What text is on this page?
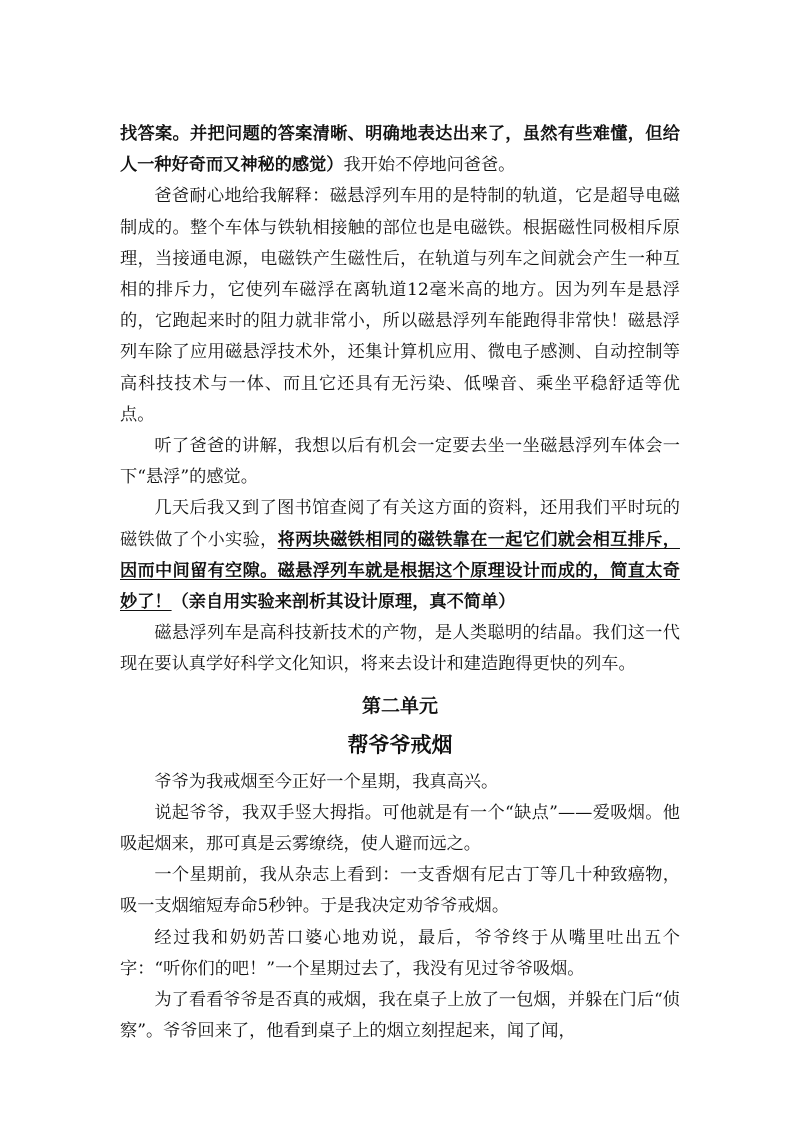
找答案。并把问题的答案清晰、明确地表达出来了，虽然有些难懂，但给人一种好奇而又神秘的感觉）我开始不停地问爸爸。

爸爸耐心地给我解释：磁悬浮列车用的是特制的轨道，它是超导电磁制成的。整个车体与铁轨相接触的部位也是电磁铁。根据磁性同极相斥原理，当接通电源，电磁铁产生磁性后，在轨道与列车之间就会产生一种互相的排斥力，它使列车磁浮在离轨道12毫米高的地方。因为列车是悬浮的，它跑起来时的阻力就非常小，所以磁悬浮列车能跑得非常快！磁悬浮列车除了应用磁悬浮技术外，还集计算机应用、微电子感测、自动控制等高科技技术与一体、而且它还具有无污染、低噪音、乘坐平稳舒适等优点。

听了爸爸的讲解，我想以后有机会一定要去坐一坐磁悬浮列车体会一下“悬浮”的感觉。

几天后我又到了图书馆查阅了有关这方面的资料，还用我们平时玩的磁铁做了个小实验，将两块磁铁相同的磁铁靠在一起它们就会相互排斥，因而中间留有空隙。磁悬浮列车就是根据这个原理设计而成的，简直太奇妙了！（亲自用实验来剖析其设计原理，真不简单）

磁悬浮列车是高科技新技术的产物，是人类聪明的结晶。我们这一代现在要认真学好科学文化知识，将来去设计和建造跑得更快的列车。

第二单元
帮爷爷戒烟

爷爷为我戒烟至今正好一个星期，我真高兴。

说起爷爷，我双手竖大拇指。可他就是有一个“缺点”——爱吸烟。他吸起烟来，那可真是云雾缭绕，使人避而远之。

一个星期前，我从杂志上看到：一支香烟有尼古丁等几十种致癌物，吸一支烟缩短寿命5秒钟。于是我决定劝爷爷戒烟。

经过我和奶奶苦口婆心地劝说，最后，爷爷终于从嘴里吐出五个字：“听你们的吧！”一个星期过去了，我没有见过爷爷吸烟。

为了看看爷爷是否真的戒烟，我在桌子上放了一包烟，并躲在门后“侦察”。爷爷回来了，他看到桌子上的烟立刻捏起来，闻了闻，
